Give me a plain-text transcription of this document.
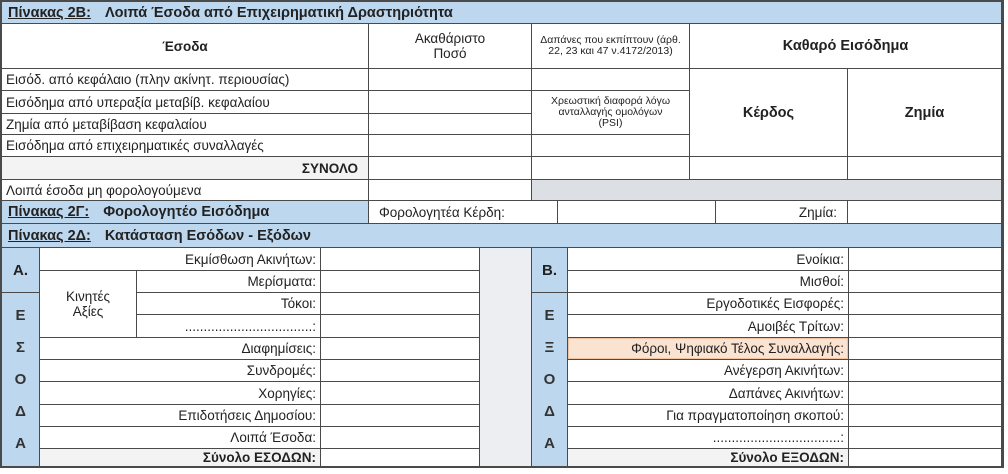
Πίνακας 2Β: Λοιπά Έσοδα από Επιχειρηματική Δραστηριότητα
Έσοδα	Ακαθάριστο Ποσό
Δαπάνες που εκπίπτουν (άρθ. 22, 23 και 47 ν.4172/2013)	Καθαρό Εισόδημα
Εισόδ. από κεφάλαιο (πλην ακίνητ. περιουσίας)
Εισόδημα από υπεραξία μεταβίβ. κεφαλαίου
Ζημία από μεταβίβαση κεφαλαίου
Εισόδημα από επιχειρηματικές συναλλαγές
ΣΥΝΟΛΟ
Λοιπά έσοδα μη φορολογούμενα
Χρεωστική διαφορά λόγω ανταλλαγής ομολόγων (PSI)
Κέρδος	Ζημία
Πίνακας 2Γ: Φορολογητέο Εισόδημα	Φορολογητέα Κέρδη:	Ζημία:
Πίνακας 2Δ: Κατάσταση Εσόδων - Εξόδων
Α.
Ε
Σ
Ο
Δ
Α
Κινητές Αξίες
Β.
Ε
Ξ
Ο
Δ
Α
Εκμίσθωση Ακινήτων:	Ενοίκια:
Μερίσματα:	Μισθοί:
Τόκοι:	Εργοδοτικές Εισφορές:
..................................:	Αμοιβές Τρίτων:
Διαφημίσεις:	Φόροι, Ψηφιακό Τέλος Συναλλαγής:
Συνδρομές:	Ανέγερση Ακινήτων:
Χορηγίες:	Δαπάνες Ακινήτων:
Επιδοτήσεις Δημοσίου:	Για πραγματοποίηση σκοπού:
Λοιπά Έσοδα:	..................................:
Σύνολο ΕΣΟΔΩΝ:	Σύνολο ΕΞΟΔΩΝ:
